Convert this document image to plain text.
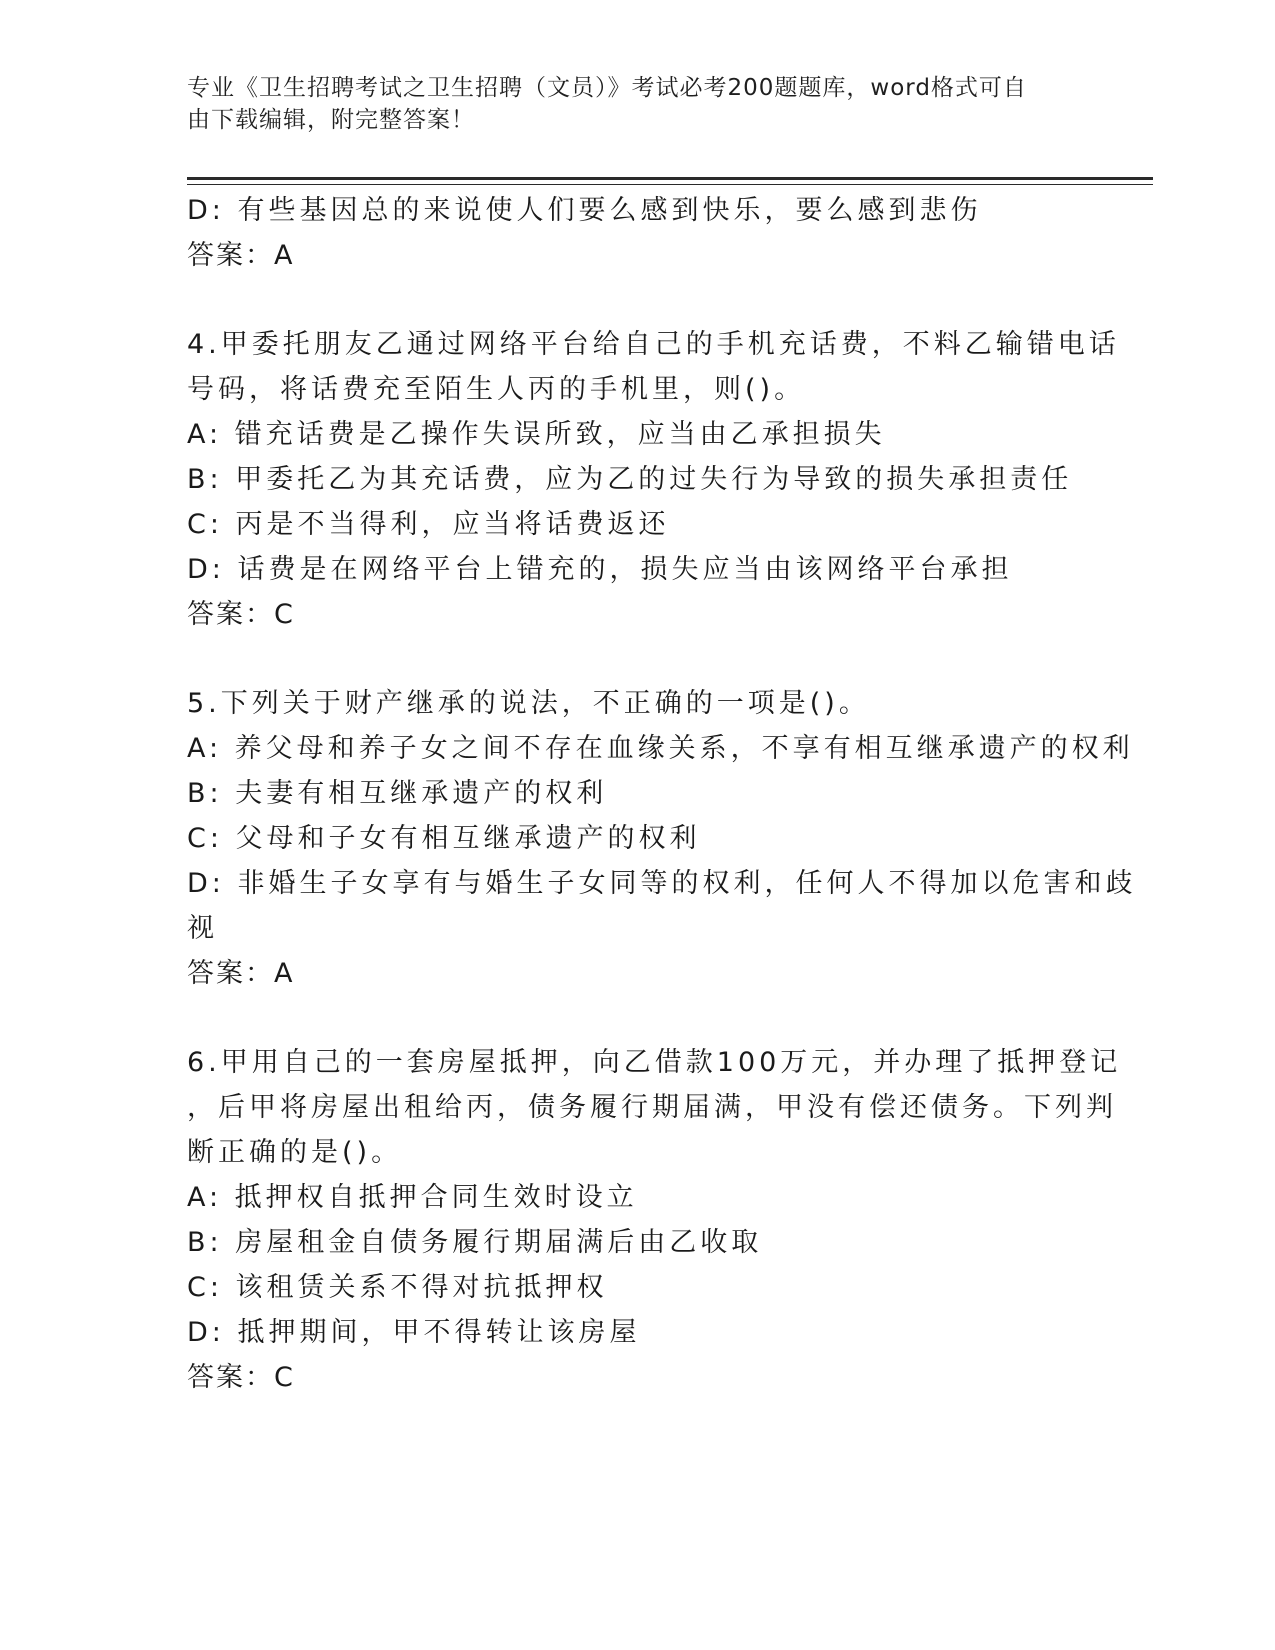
专业《卫生招聘考试之卫生招聘（文员）》考试必考200题题库，word格式可自
由下载编辑，附完整答案！
D: 有些基因总的来说使人们要么感到快乐，要么感到悲伤
答案：A
4.甲委托朋友乙通过网络平台给自己的手机充话费，不料乙输错电话
号码，将话费充至陌生人丙的手机里，则()。
A: 错充话费是乙操作失误所致，应当由乙承担损失
B: 甲委托乙为其充话费，应为乙的过失行为导致的损失承担责任
C: 丙是不当得利，应当将话费返还
D: 话费是在网络平台上错充的，损失应当由该网络平台承担
答案：C
5.下列关于财产继承的说法，不正确的一项是()。
A: 养父母和养子女之间不存在血缘关系，不享有相互继承遗产的权利
B: 夫妻有相互继承遗产的权利
C: 父母和子女有相互继承遗产的权利
D: 非婚生子女享有与婚生子女同等的权利，任何人不得加以危害和歧
视
答案：A
6.甲用自己的一套房屋抵押，向乙借款100万元，并办理了抵押登记
，后甲将房屋出租给丙，债务履行期届满，甲没有偿还债务。下列判
断正确的是()。
A: 抵押权自抵押合同生效时设立
B: 房屋租金自债务履行期届满后由乙收取
C: 该租赁关系不得对抗抵押权
D: 抵押期间，甲不得转让该房屋
答案：C
